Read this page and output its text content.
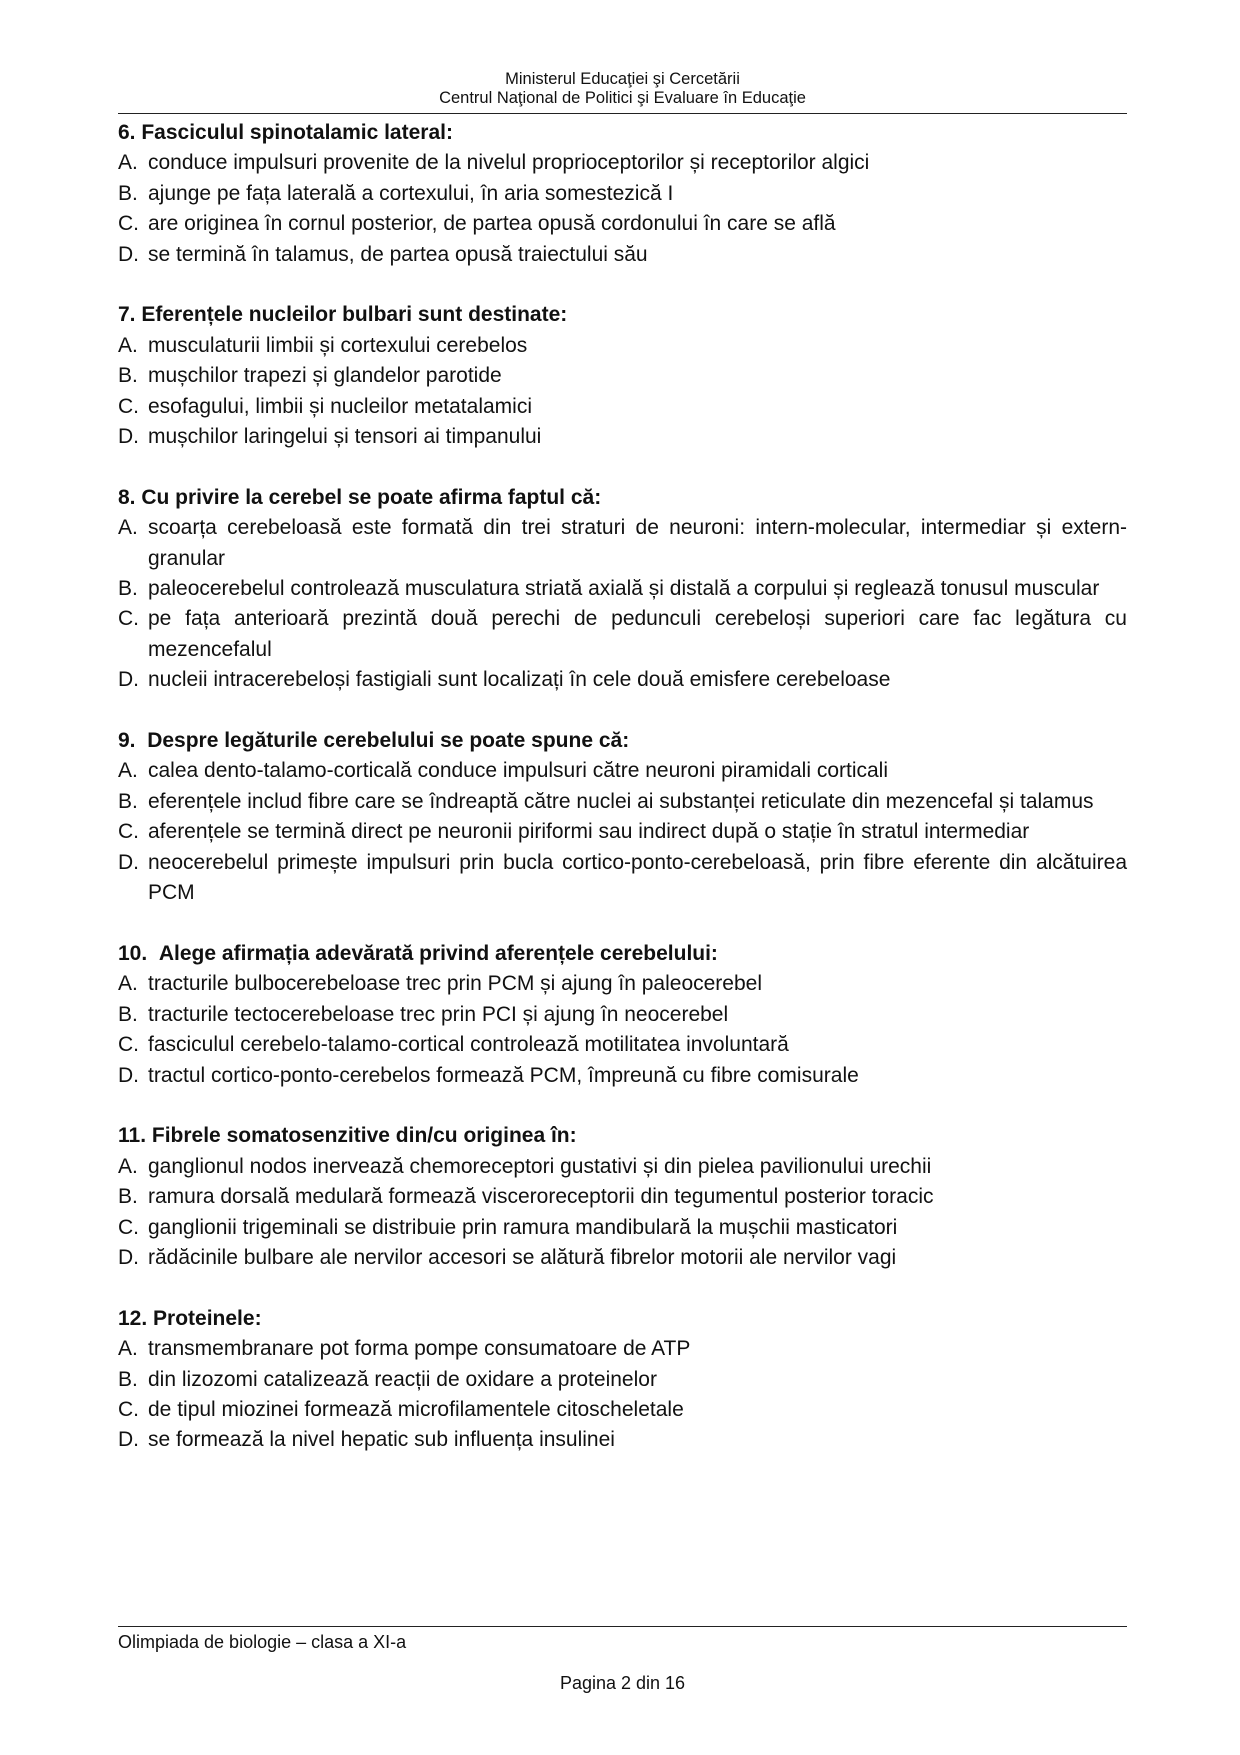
Ministerul Educaţiei şi Cercetării
Centrul Naţional de Politici şi Evaluare în Educaţie
6. Fasciculul spinotalamic lateral:
A. conduce impulsuri provenite de la nivelul proprioceptorilor și receptorilor algici
B. ajunge pe fața laterală a cortexului, în aria somestezică I
C. are originea în cornul posterior, de partea opusă cordonului în care se află
D. se termină în talamus, de partea opusă traiectului său
7. Eferențele nucleilor bulbari sunt destinate:
A. musculaturii limbii și cortexului cerebelos
B. mușchilor trapezi și glandelor parotide
C. esofagului, limbii și nucleilor metatalamici
D. mușchilor laringelui și tensori ai timpanului
8. Cu privire la cerebel se poate afirma faptul că:
A. scoarța cerebeloasă este formată din trei straturi de neuroni: intern-molecular, intermediar și extern-granular
B. paleocerebelul controlează musculatura striată axială și distală a corpului și reglează tonusul muscular
C. pe fața anterioară prezintă două perechi de pedunculi cerebeloși superiori care fac legătura cu mezencefalul
D. nucleii intracerebeloși fastigiali sunt localizați în cele două emisfere cerebeloase
9. Despre legăturile cerebelului se poate spune că:
A. calea dento-talamo-corticală conduce impulsuri către neuroni piramidali corticali
B. eferențele includ fibre care se îndreaptă către nuclei ai substanței reticulate din mezencefal și talamus
C. aferențele se termină direct pe neuronii piriformi sau indirect după o stație în stratul intermediar
D. neocerebelul primește impulsuri prin bucla cortico-ponto-cerebeloasă, prin fibre eferente din alcătuirea PCM
10. Alege afirmația adevărată privind aferențele cerebelului:
A. tracturile bulbocerebeloase trec prin PCM și ajung în paleocerebel
B. tracturile tectocerebeloase trec prin PCI și ajung în neocerebel
C. fasciculul cerebelo-talamo-cortical controlează motilitatea involuntară
D. tractul cortico-ponto-cerebelos formează PCM, împreună cu fibre comisurale
11. Fibrele somatosenzitive din/cu originea în:
A. ganglionul nodos inervează chemoreceptori gustativi și din pielea pavilionului urechii
B. ramura dorsală medulară formează visceroreceptorii din tegumentul posterior toracic
C. ganglionii trigeminali se distribuie prin ramura mandibulară la mușchii masticatori
D. rădăcinile bulbare ale nervilor accesori se alătură fibrelor motorii ale nervilor vagi
12. Proteinele:
A. transmembranare pot forma pompe consumatoare de ATP
B. din lizozomi catalizează reacții de oxidare a proteinelor
C. de tipul miozinei formează microfilamentele citoscheletale
D. se formează la nivel hepatic sub influența insulinei
Olimpiada de biologie – clasa a XI-a
Pagina 2 din 16
